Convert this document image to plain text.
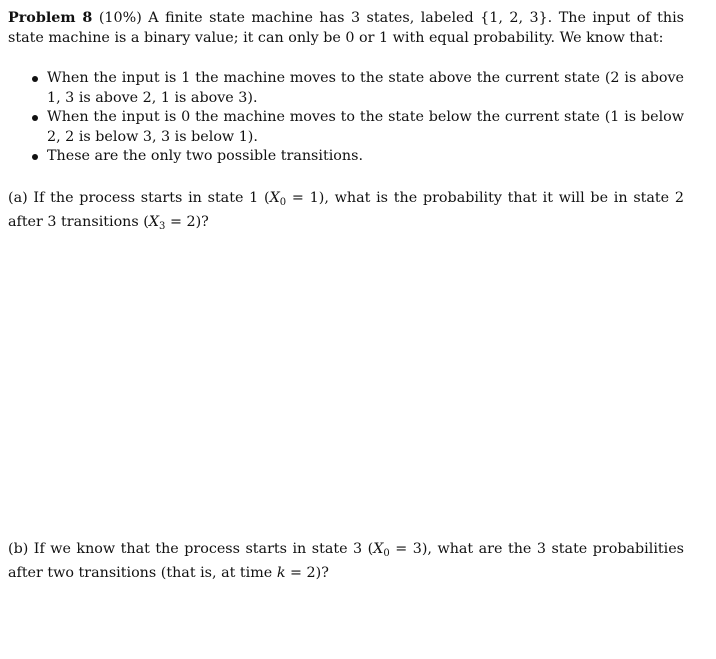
Problem 8 (10%) A finite state machine has 3 states, labeled {1, 2, 3}. The input of this state machine is a binary value; it can only be 0 or 1 with equal probability. We know that:

When the input is 1 the machine moves to the state above the current state (2 is above 1, 3 is above 2, 1 is above 3).
When the input is 0 the machine moves to the state below the current state (1 is below 2, 2 is below 3, 3 is below 1).
These are the only two possible transitions.

(a) If the process starts in state 1 $(X_0 = 1)$, what is the probability that it will be in state 2 after 3 transitions $(X_3 = 2)$?

(b) If we know that the process starts in state 3 $(X_0 = 3)$, what are the 3 state probabilities after two transitions (that is, at time k = 2)?
